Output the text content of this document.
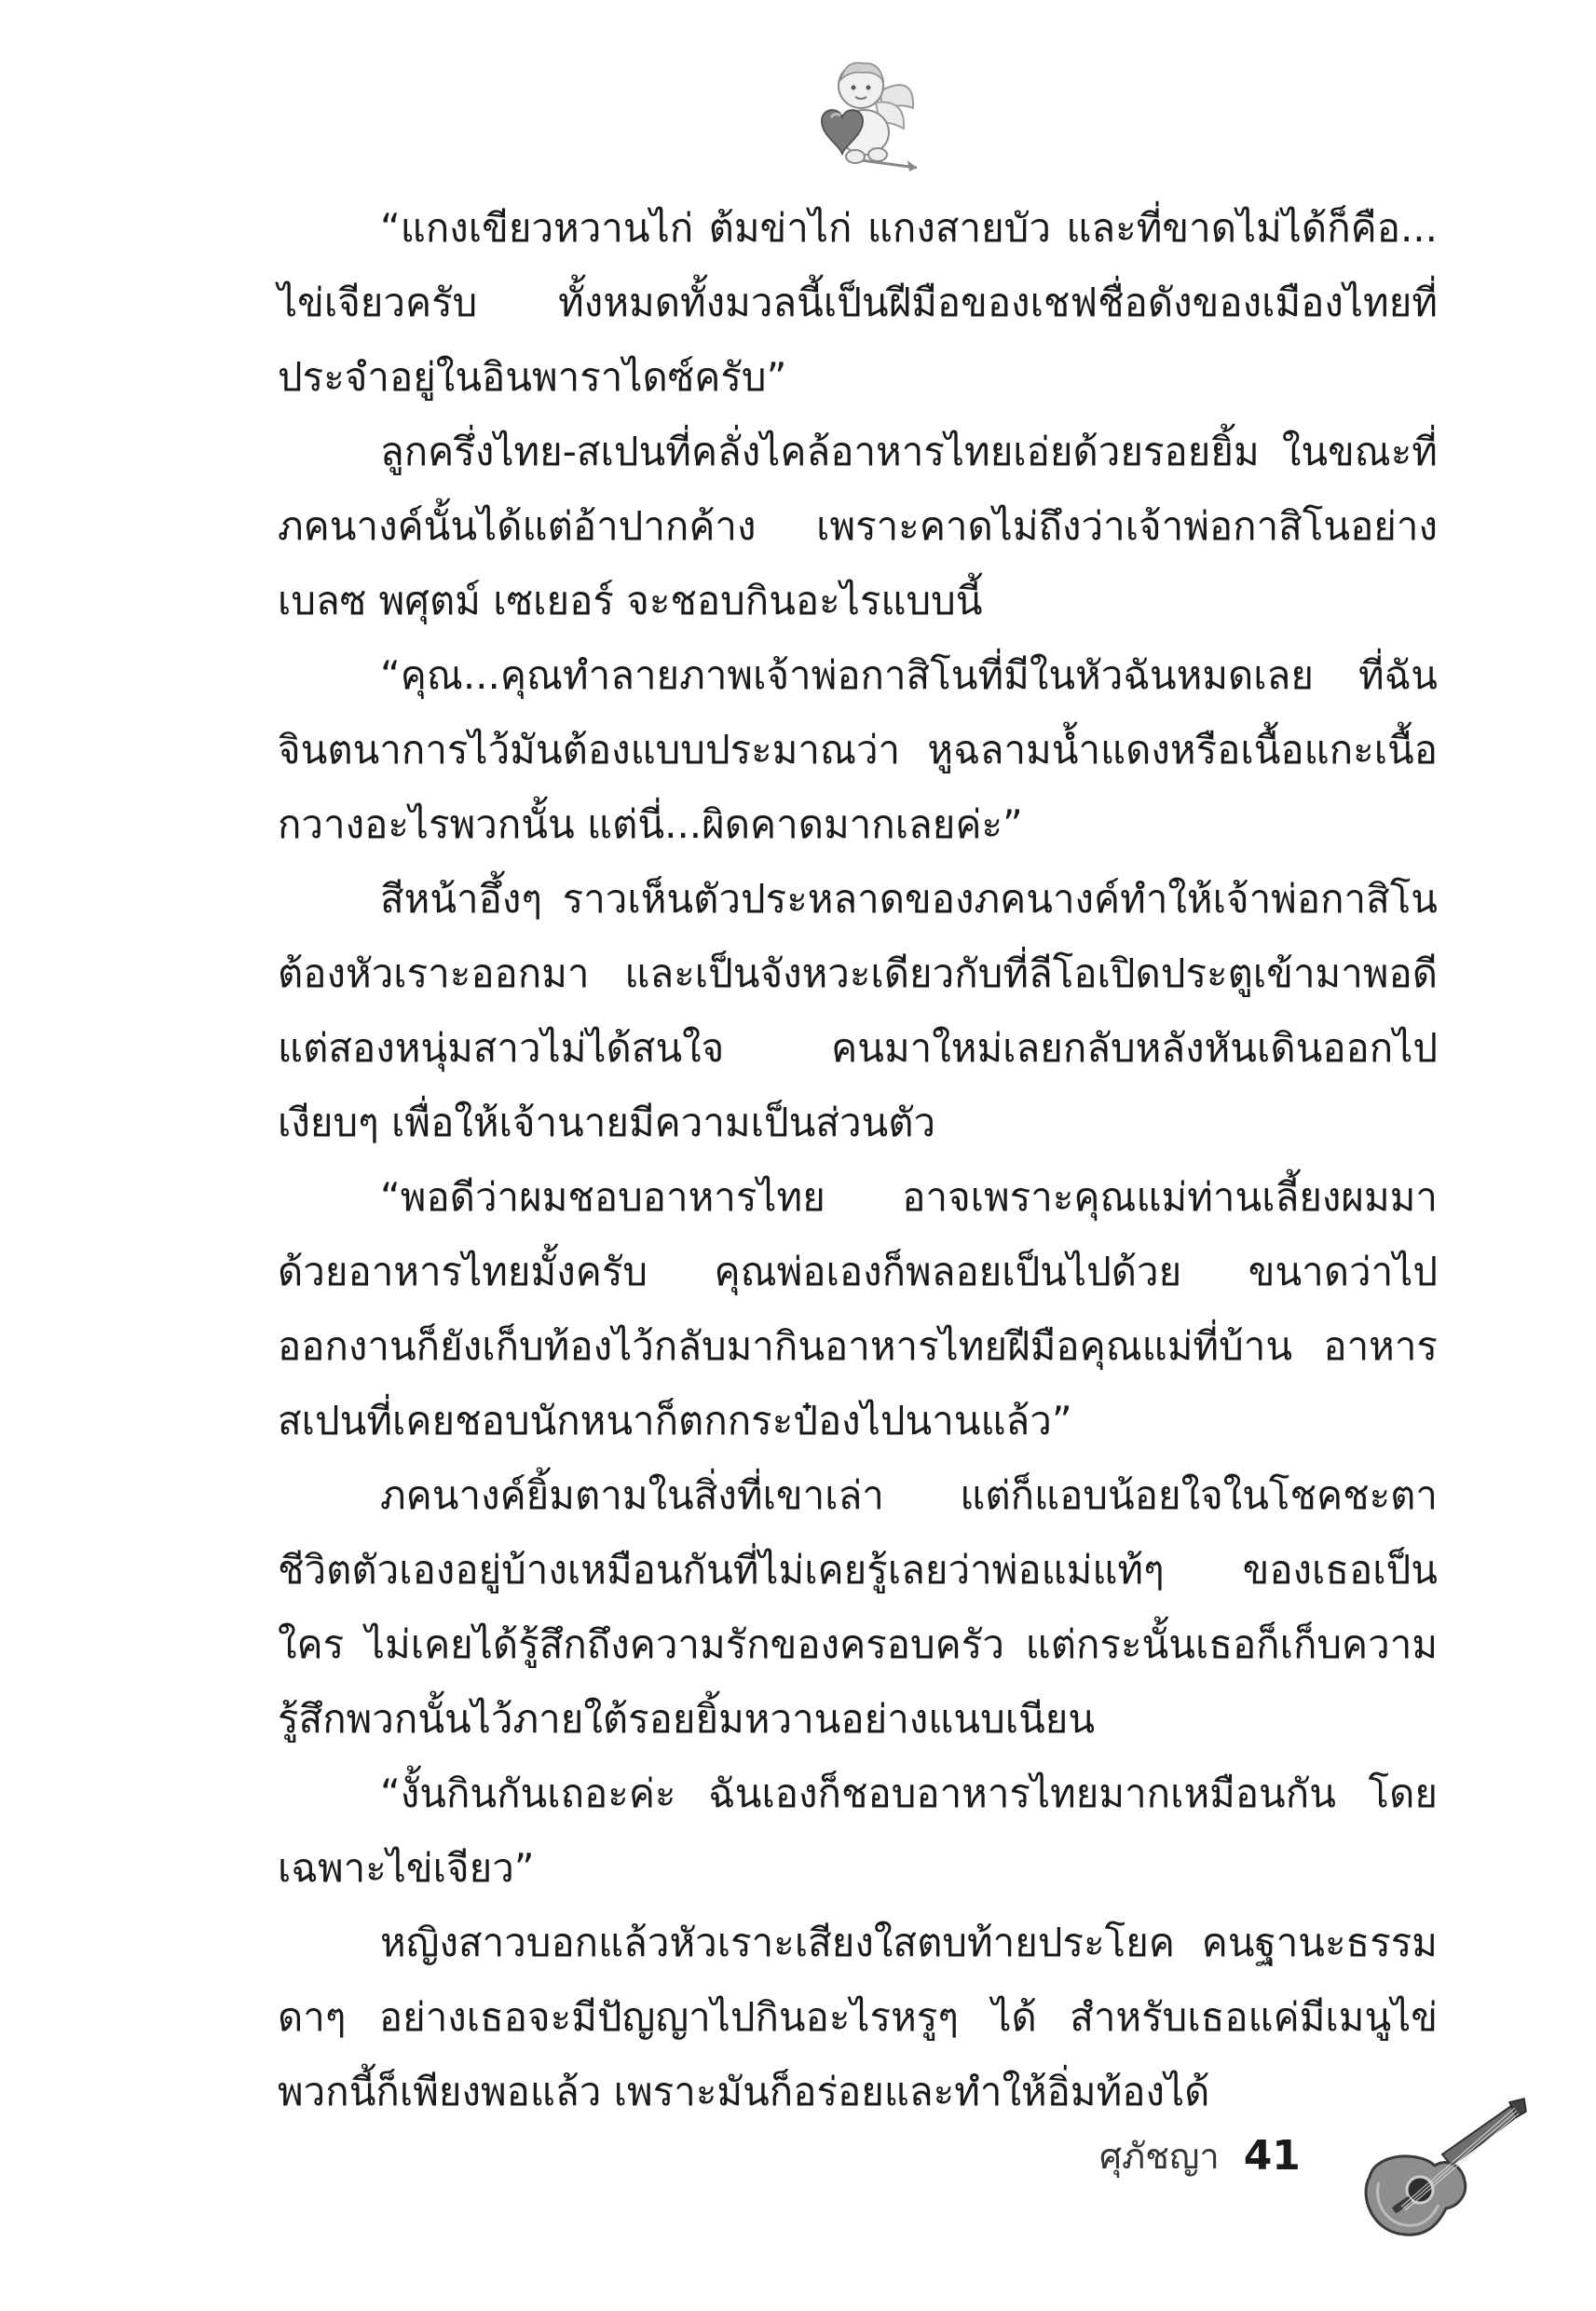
“แกงเขียวหวานไก่ ต้มข่าไก่ แกงสายบัว และที่ขาดไม่ได้ก็คือ... ไข่เจียวครับ ทั้งหมดทั้งมวลนี้เป็นฝีมือของเชฟชื่อดังของเมืองไทยที่ประจำอยู่ในอินพาราไดซ์ครับ”

ลูกครึ่งไทย-สเปนที่คลั่งไคล้อาหารไทยเอ่ยด้วยรอยยิ้ม ในขณะที่ภคนางค์นั้นได้แต่อ้าปากค้าง เพราะคาดไม่ถึงว่าเจ้าพ่อกาสิโนอย่าง เบลซ พศุตม์ เซเยอร์ จะชอบกินอะไรแบบนี้

“คุณ...คุณทำลายภาพเจ้าพ่อกาสิโนที่มีในหัวฉันหมดเลย ที่ฉันจินตนาการไว้มันต้องแบบประมาณว่า หูฉลามน้ำแดงหรือเนื้อแกะเนื้อกวางอะไรพวกนั้น แต่นี่...ผิดคาดมากเลยค่ะ”

สีหน้าอึ้งๆ ราวเห็นตัวประหลาดของภคนางค์ทำให้เจ้าพ่อกาสิโนต้องหัวเราะออกมา และเป็นจังหวะเดียวกับที่ลีโอเปิดประตูเข้ามาพอดี แต่สองหนุ่มสาวไม่ได้สนใจ คนมาใหม่เลยกลับหลังหันเดินออกไปเงียบๆ เพื่อให้เจ้านายมีความเป็นส่วนตัว

“พอดีว่าผมชอบอาหารไทย อาจเพราะคุณแม่ท่านเลี้ยงผมมาด้วยอาหารไทยมั้งครับ คุณพ่อเองก็พลอยเป็นไปด้วย ขนาดว่าไปออกงานก็ยังเก็บท้องไว้กลับมากินอาหารไทยฝีมือคุณแม่ที่บ้าน อาหารสเปนที่เคยชอบนักหนาก็ตกกระป๋องไปนานแล้ว”

ภคนางค์ยิ้มตามในสิ่งที่เขาเล่า แต่ก็แอบน้อยใจในโชคชะตาชีวิตตัวเองอยู่บ้างเหมือนกันที่ไม่เคยรู้เลยว่าพ่อแม่แท้ๆ ของเธอเป็นใคร ไม่เคยได้รู้สึกถึงความรักของครอบครัว แต่กระนั้นเธอก็เก็บความรู้สึกพวกนั้นไว้ภายใต้รอยยิ้มหวานอย่างแนบเนียน

“งั้นกินกันเถอะค่ะ ฉันเองก็ชอบอาหารไทยมากเหมือนกัน โดยเฉพาะไข่เจียว”

หญิงสาวบอกแล้วหัวเราะเสียงใสตบท้ายประโยค คนฐานะธรรมดาๆ อย่างเธอจะมีปัญญาไปกินอะไรหรูๆ ได้ สำหรับเธอแค่มีเมนูไข่พวกนี้ก็เพียงพอแล้ว เพราะมันก็อร่อยและทำให้อิ่มท้องได้

ศุภัชญา 41
